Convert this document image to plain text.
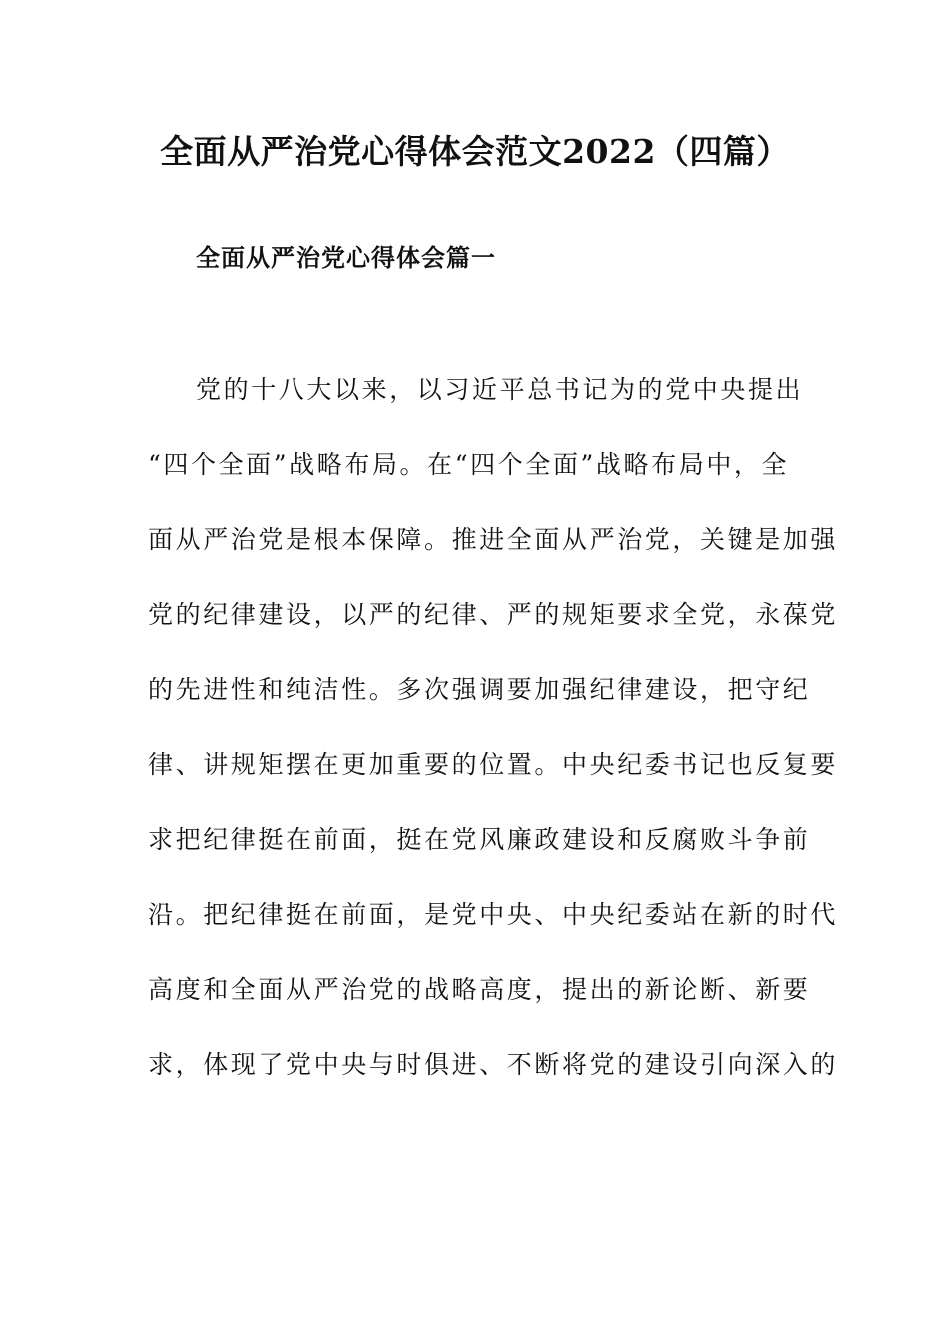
全面从严治党心得体会范文2022（四篇）
全面从严治党心得体会篇一

党的十八大以来，以习近平总书记为的党中央提出

“四个全面”战略布局。在“四个全面”战略布局中，全

面从严治党是根本保障。推进全面从严治党，关键是加强

党的纪律建设，以严的纪律、严的规矩要求全党，永葆党

的先进性和纯洁性。多次强调要加强纪律建设，把守纪

律、讲规矩摆在更加重要的位置。中央纪委书记也反复要

求把纪律挺在前面，挺在党风廉政建设和反腐败斗争前

沿。把纪律挺在前面，是党中央、中央纪委站在新的时代

高度和全面从严治党的战略高度，提出的新论断、新要

求，体现了党中央与时俱进、不断将党的建设引向深入的
